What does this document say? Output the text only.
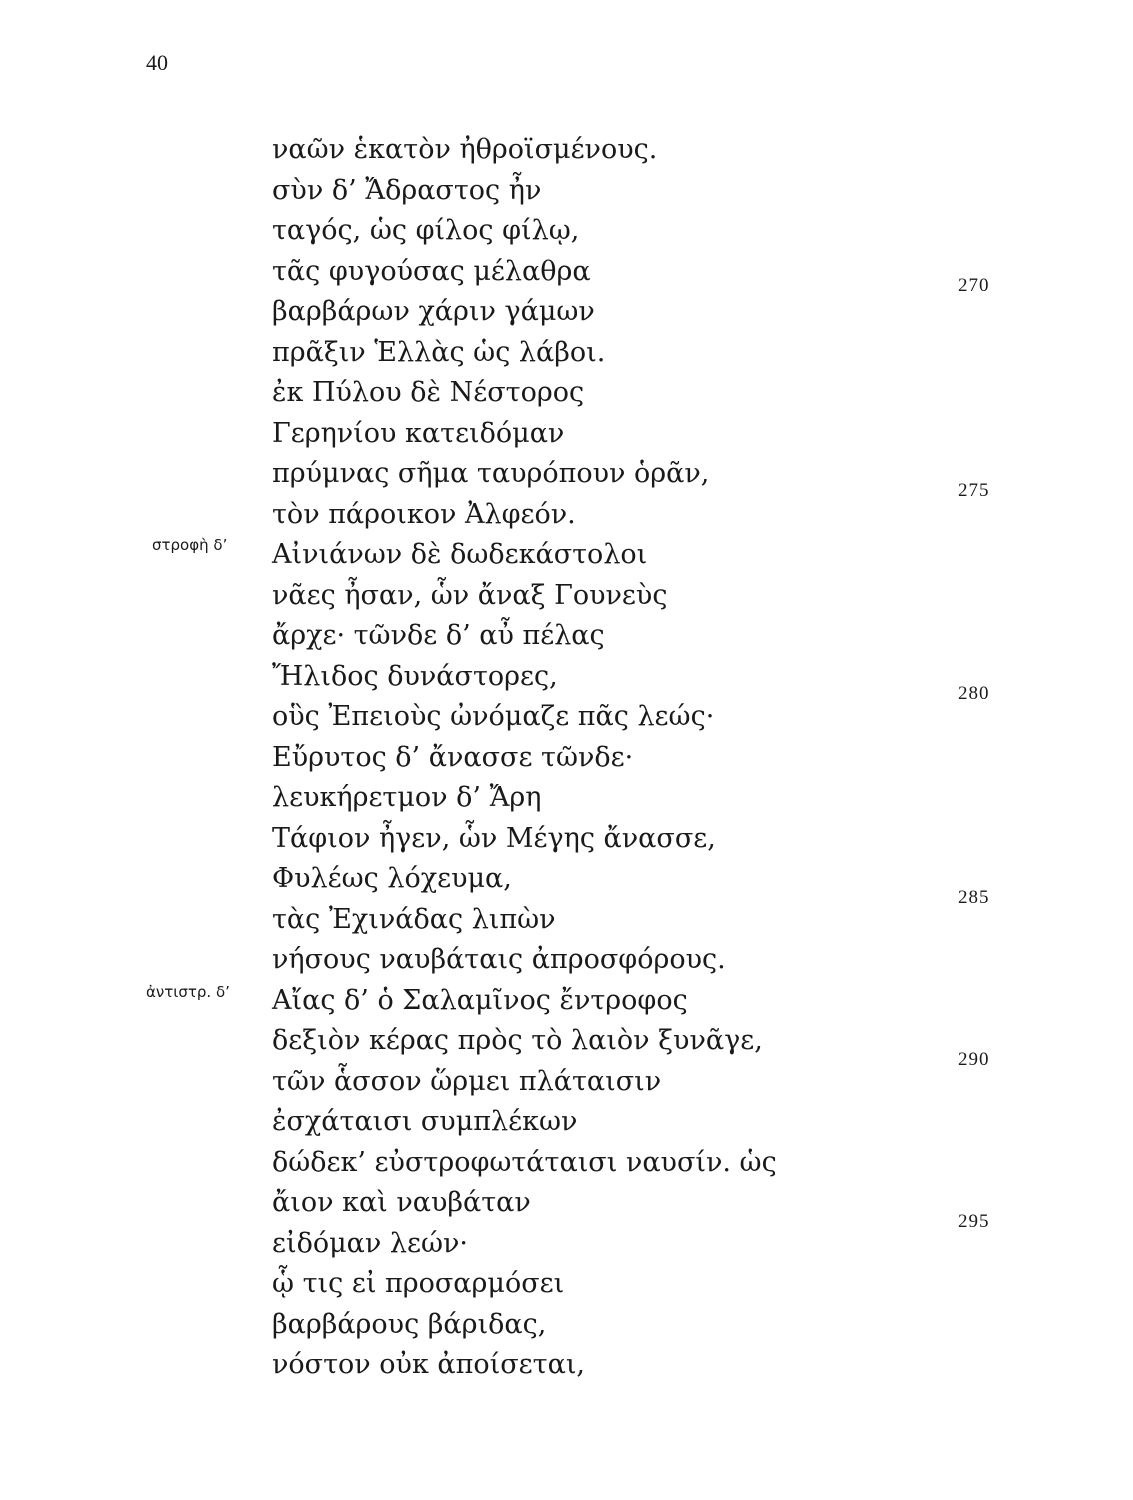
40
ναῶν ἑκατὸν ἠθροϊσμένους.
σὺν δ’ Ἄδραστος ἦν
ταγός, ὡς φίλος φίλῳ,
τᾶς φυγούσας μέλαθρα
βαρβάρων χάριν γάμων
πρᾶξιν Ἑλλὰς ὡς λάβοι.
ἐκ Πύλου δὲ Νέστορος
Γερηνίου κατειδόμαν
πρύμνας σῆμα ταυρόπουν ὁρᾶν,
τὸν πάροικον Ἀλφεόν.
Αἰνιάνων δὲ δωδεκάστολοι
νᾶες ἦσαν, ὧν ἄναξ Γουνεὺς
ἄρχε· τῶνδε δ’ αὖ πέλας
Ἤλιδος δυνάστορες,
οὓς Ἐπειοὺς ὠνόμαζε πᾶς λεώς·
Εὔρυτος δ’ ἄνασσε τῶνδε·
λευκήρετμον δ’ Ἄρη
Τάφιον ἦγεν, ὧν Μέγης ἄνασσε,
Φυλέως λόχευμα,
τὰς Ἐχινάδας λιπὼν
νήσους ναυβάταις ἀπροσφόρους.
Αἴας δ’ ὁ Σαλαμῖνος ἔντροφος
δεξιὸν κέρας πρὸς τὸ λαιὸν ξυνᾶγε,
τῶν ἇσσον ὥρμει πλάταισιν
ἐσχάταισι συμπλέκων
δώδεκ’ εὐστροφωτάταισι ναυσίν. ὡς
ἄιον καὶ ναυβάταν
εἰδόμαν λεών·
ᾧ τις εἰ προσαρμόσει
βαρβάρους βάριδας,
νόστον οὐκ ἀποίσεται,
270
275
280
285
290
295
στροφὴ δ’
ἀντιστρ. δ’
